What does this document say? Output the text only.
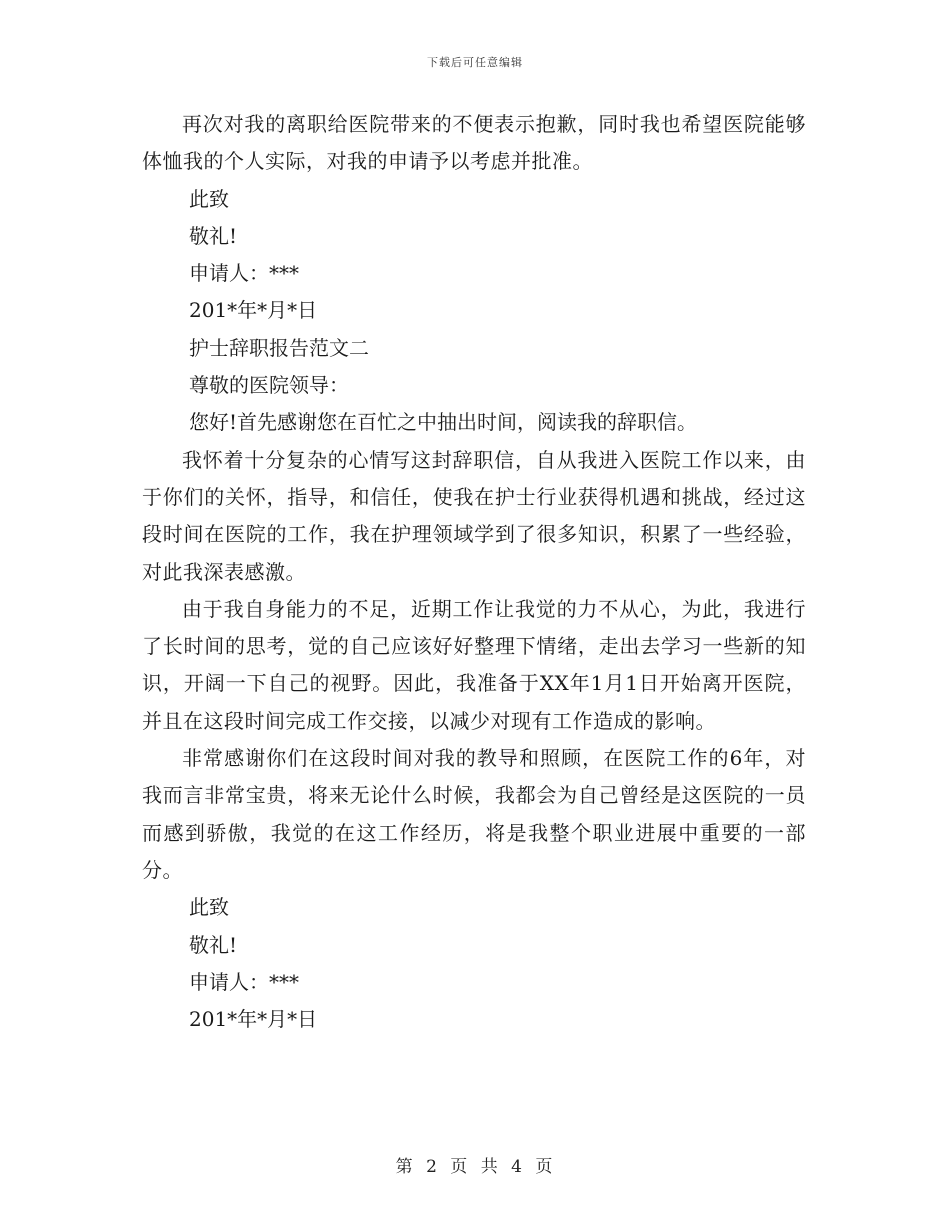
下载后可任意编辑

再次对我的离职给医院带来的不便表示抱歉，同时我也希望医院能够体恤我的个人实际，对我的申请予以考虑并批准。

此致

敬礼!

申请人：***

201*年*月*日

护士辞职报告范文二

尊敬的医院领导：

您好!首先感谢您在百忙之中抽出时间，阅读我的辞职信。

我怀着十分复杂的心情写这封辞职信，自从我进入医院工作以来，由于你们的关怀，指导，和信任，使我在护士行业获得机遇和挑战，经过这段时间在医院的工作，我在护理领域学到了很多知识，积累了一些经验，对此我深表感激。

由于我自身能力的不足，近期工作让我觉的力不从心，为此，我进行了长时间的思考，觉的自己应该好好整理下情绪，走出去学习一些新的知识，开阔一下自己的视野。因此，我准备于XX年1月1日开始离开医院，并且在这段时间完成工作交接，以减少对现有工作造成的影响。

非常感谢你们在这段时间对我的教导和照顾，在医院工作的6年，对我而言非常宝贵，将来无论什么时候，我都会为自己曾经是这医院的一员而感到骄傲，我觉的在这工作经历，将是我整个职业进展中重要的一部分。

此致

敬礼!

申请人：***

201*年*月*日

第 2 页 共 4 页
